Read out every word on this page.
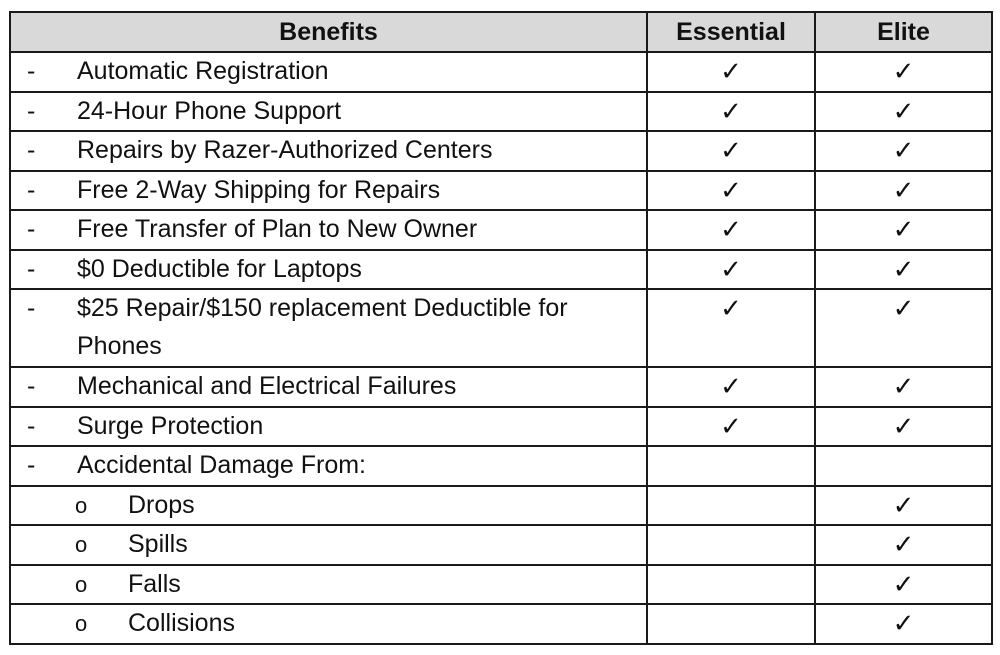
Benefits	Essential	Elite

- Automatic Registration	✓	✓

- 24-Hour Phone Support	✓	✓

- Repairs by Razer-Authorized Centers	✓	✓

- Free 2-Way Shipping for Repairs	✓	✓

- Free Transfer of Plan to New Owner	✓	✓

- $0 Deductible for Laptops	✓	✓

- $25 Repair/$150 replacement Deductible for Phones	✓	✓

- Mechanical and Electrical Failures	✓	✓

- Surge Protection	✓	✓

- Accidental Damage From:		

o Drops		✓

o Spills		✓

o Falls		✓

o Collisions		✓
